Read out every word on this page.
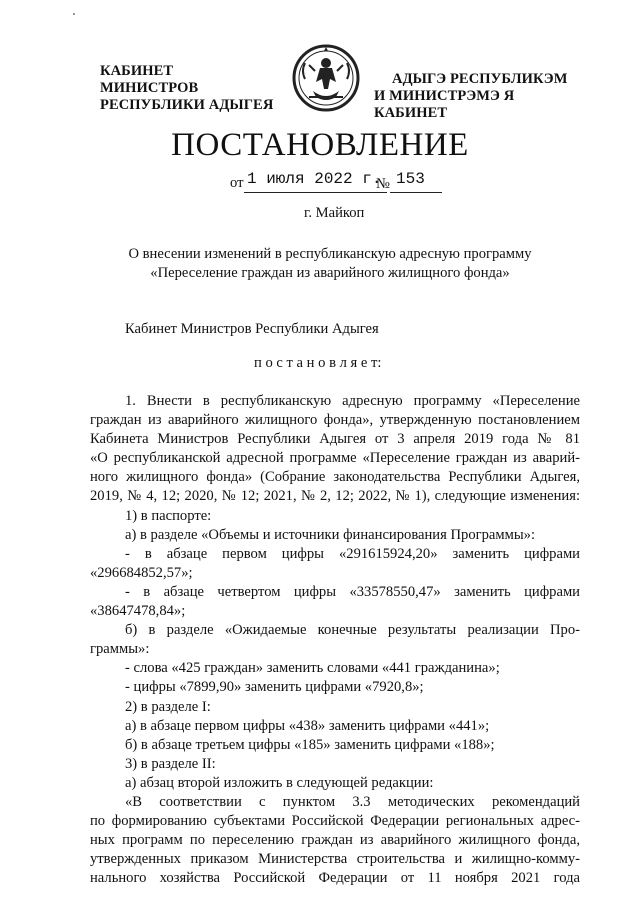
КАБИНЕТ МИНИСТРОВ
РЕСПУБЛИКИ АДЫГЕЯ
АДЫГЭ РЕСПУБЛИКЭМ
И МИНИСТРЭМЭ Я КАБИНЕТ
ПОСТАНОВЛЕНИЕ
от 1 июля 2022 г.
№ 153
г. Майкоп
О внесении изменений в республиканскую адресную программу
«Переселение граждан из аварийного жилищного фонда»
Кабинет Министров Республики Адыгея
п о с т а н о в л я е т:
1. Внести в республиканскую адресную программу «Переселение
граждан из аварийного жилищного фонда», утвержденную постановлением
Кабинета Министров Республики Адыгея от 3 апреля 2019 года № 81
«О республиканской адресной программе «Переселение граждан из аварий-
ного жилищного фонда» (Собрание законодательства Республики Адыгея,
2019, № 4, 12; 2020, № 12; 2021, № 2, 12; 2022, № 1), следующие изменения:
1) в паспорте:
а) в разделе «Объемы и источники финансирования Программы»:
- в абзаце первом цифры «291615924,20» заменить цифрами
«296684852,57»;
- в абзаце четвертом цифры «33578550,47» заменить цифрами
«38647478,84»;
б) в разделе «Ожидаемые конечные результаты реализации Про-
граммы»:
- слова «425 граждан» заменить словами «441 гражданина»;
- цифры «7899,90» заменить цифрами «7920,8»;
2) в разделе I:
а) в абзаце первом цифры «438» заменить цифрами «441»;
б) в абзаце третьем цифры «185» заменить цифрами «188»;
3) в разделе II:
а) абзац второй изложить в следующей редакции:
«В соответствии с пунктом 3.3 методических рекомендаций
по формированию субъектами Российской Федерации региональных адрес-
ных программ по переселению граждан из аварийного жилищного фонда,
утвержденных приказом Министерства строительства и жилищно-комму-
нального хозяйства Российской Федерации от 11 ноября 2021 года
